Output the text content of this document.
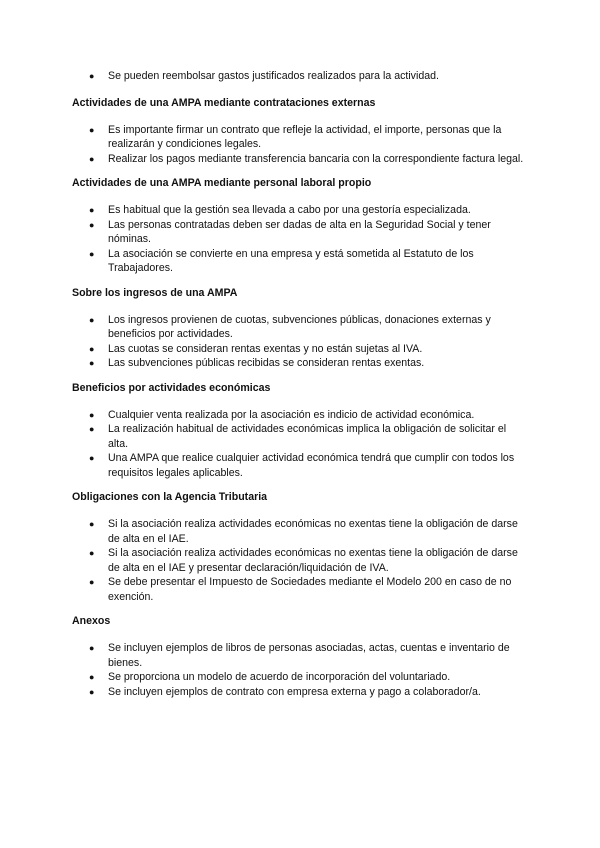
● Se pueden reembolsar gastos justificados realizados para la actividad.
Actividades de una AMPA mediante contrataciones externas
● Es importante firmar un contrato que refleje la actividad, el importe, personas que la realizarán y condiciones legales.
● Realizar los pagos mediante transferencia bancaria con la correspondiente factura legal.
Actividades de una AMPA mediante personal laboral propio
● Es habitual que la gestión sea llevada a cabo por una gestoría especializada.
● Las personas contratadas deben ser dadas de alta en la Seguridad Social y tener nóminas.
● La asociación se convierte en una empresa y está sometida al Estatuto de los Trabajadores.
Sobre los ingresos de una AMPA
● Los ingresos provienen de cuotas, subvenciones públicas, donaciones externas y beneficios por actividades.
● Las cuotas se consideran rentas exentas y no están sujetas al IVA.
● Las subvenciones públicas recibidas se consideran rentas exentas.
Beneficios por actividades económicas
● Cualquier venta realizada por la asociación es indicio de actividad económica.
● La realización habitual de actividades económicas implica la obligación de solicitar el alta.
● Una AMPA que realice cualquier actividad económica tendrá que cumplir con todos los requisitos legales aplicables.
Obligaciones con la Agencia Tributaria
● Si la asociación realiza actividades económicas no exentas tiene la obligación de darse de alta en el IAE.
● Si la asociación realiza actividades económicas no exentas tiene la obligación de darse de alta en el IAE y presentar declaración/liquidación de IVA.
● Se debe presentar el Impuesto de Sociedades mediante el Modelo 200 en caso de no exención.
Anexos
● Se incluyen ejemplos de libros de personas asociadas, actas, cuentas e inventario de bienes.
● Se proporciona un modelo de acuerdo de incorporación del voluntariado.
● Se incluyen ejemplos de contrato con empresa externa y pago a colaborador/a.
